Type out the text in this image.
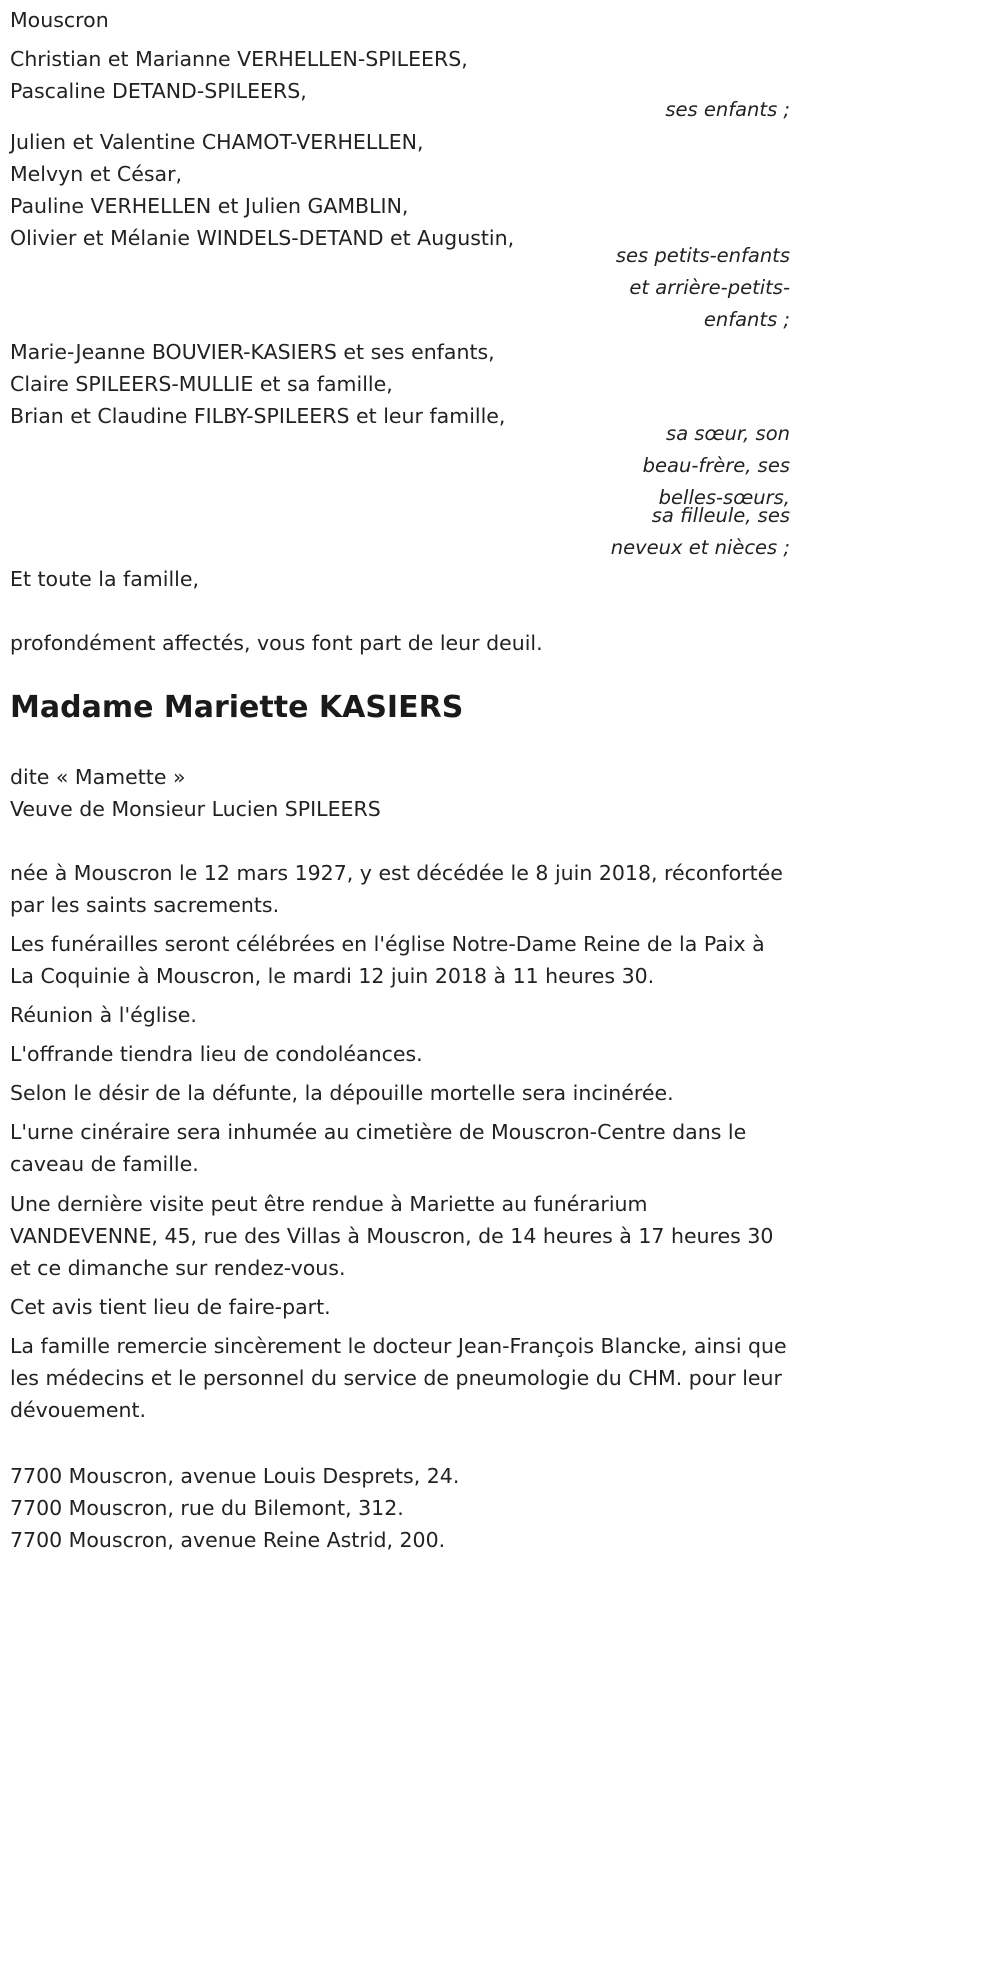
Mouscron
Christian et Marianne VERHELLEN-SPILEERS,
Pascaline DETAND-SPILEERS,
ses enfants ;
Julien et Valentine CHAMOT-VERHELLEN,
Melvyn et César,
Pauline VERHELLEN et Julien GAMBLIN,
Olivier et Mélanie WINDELS-DETAND et Augustin,
ses petits-enfants
et arrière-petits-
enfants ;
Marie-Jeanne BOUVIER-KASIERS et ses enfants,
Claire SPILEERS-MULLIE et sa famille,
Brian et Claudine FILBY-SPILEERS et leur famille,
sa sœur, son
beau-frère, ses
belles-sœurs,
sa filleule, ses
neveux et nièces ;
Et toute la famille,
profondément affectés, vous font part de leur deuil.
Madame Mariette KASIERS
dite « Mamette »
Veuve de Monsieur Lucien SPILEERS
née à Mouscron le 12 mars 1927, y est décédée le 8 juin 2018, réconfortée par les saints sacrements.
Les funérailles seront célébrées en l'église Notre-Dame Reine de la Paix à La Coquinie à Mouscron, le mardi 12 juin 2018 à 11 heures 30.
Réunion à l'église.
L'offrande tiendra lieu de condoléances.
Selon le désir de la défunte, la dépouille mortelle sera incinérée.
L'urne cinéraire sera inhumée au cimetière de Mouscron-Centre dans le caveau de famille.
Une dernière visite peut être rendue à Mariette au funérarium VANDEVENNE, 45, rue des Villas à Mouscron, de 14 heures à 17 heures 30 et ce dimanche sur rendez-vous.
Cet avis tient lieu de faire-part.
La famille remercie sincèrement le docteur Jean-François Blancke, ainsi que les médecins et le personnel du service de pneumologie du CHM. pour leur dévouement.
7700 Mouscron, avenue Louis Desprets, 24.
7700 Mouscron, rue du Bilemont, 312.
7700 Mouscron, avenue Reine Astrid, 200.
